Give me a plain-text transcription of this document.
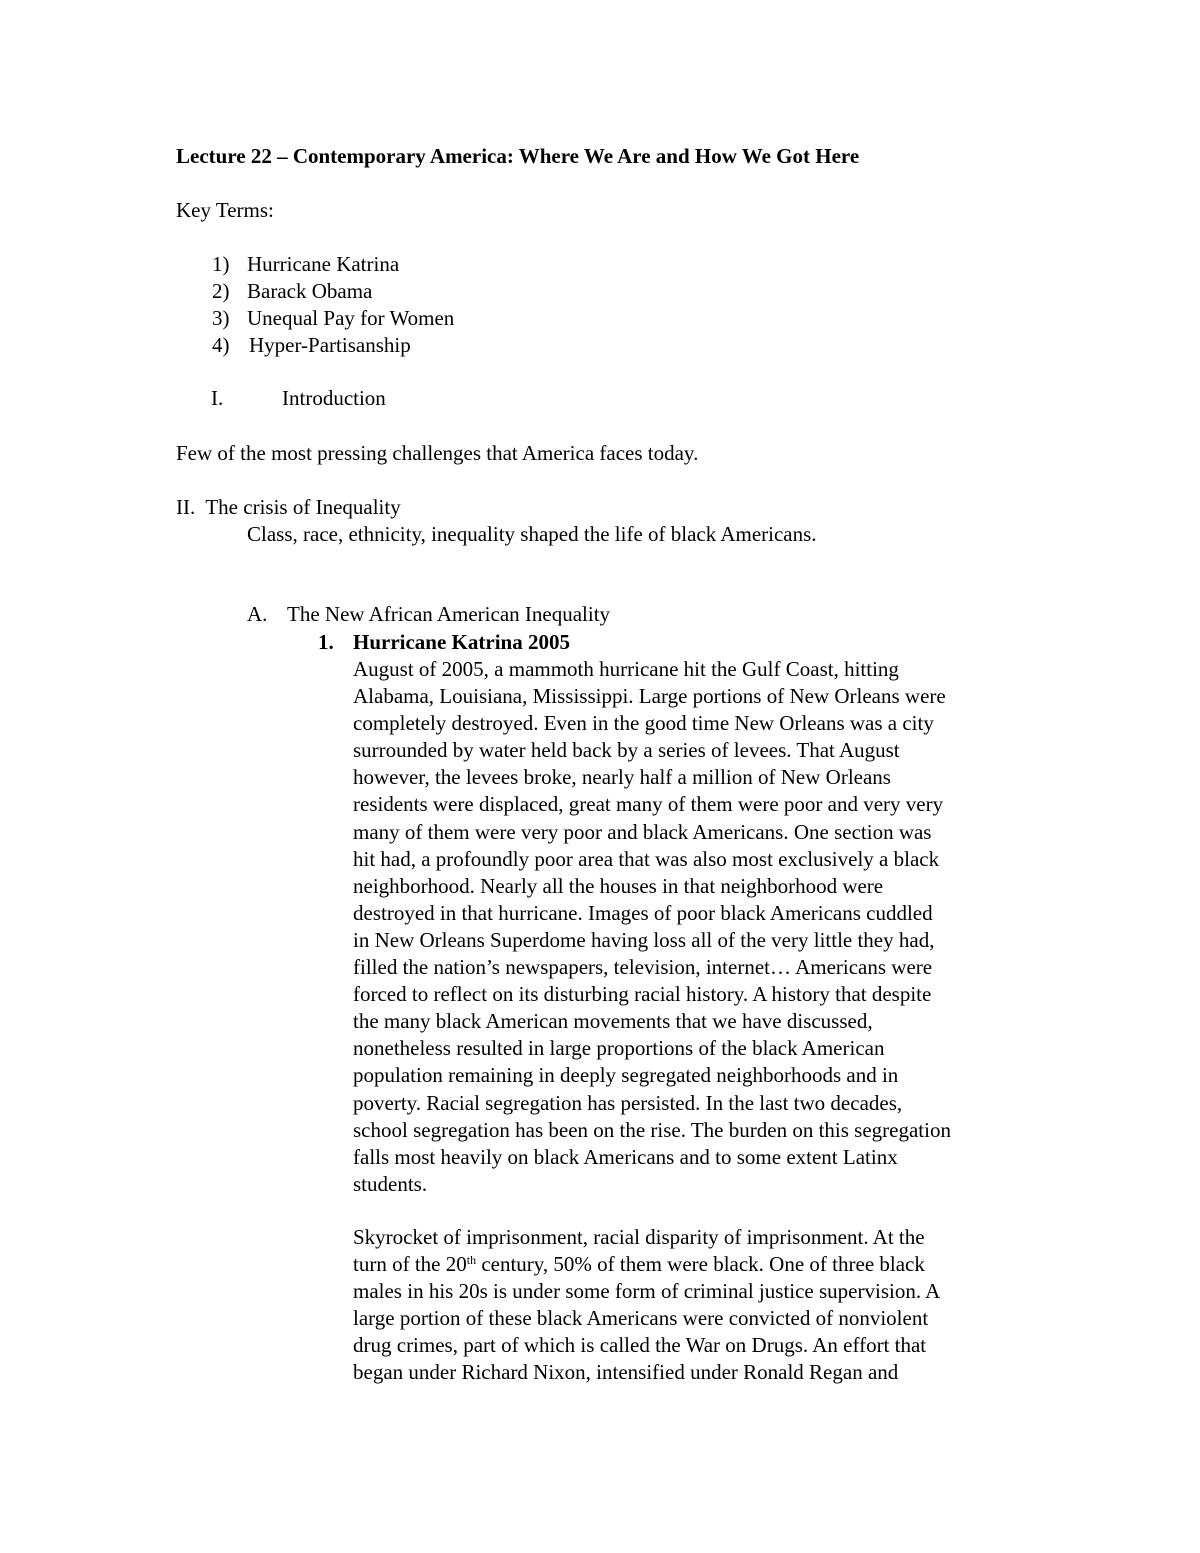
Lecture 22 – Contemporary America: Where We Are and How We Got Here
Key Terms:
1) Hurricane Katrina
2) Barack Obama
3) Unequal Pay for Women
4) Hyper-Partisanship
I.	Introduction
Few of the most pressing challenges that America faces today.
II.  The crisis of Inequality
Class, race, ethnicity, inequality shaped the life of black Americans.
A. The New African American Inequality
1. Hurricane Katrina 2005
August of 2005, a mammoth hurricane hit the Gulf Coast, hitting
Alabama, Louisiana, Mississippi. Large portions of New Orleans were
completely destroyed. Even in the good time New Orleans was a city
surrounded by water held back by a series of levees. That August
however, the levees broke, nearly half a million of New Orleans
residents were displaced, great many of them were poor and very very
many of them were very poor and black Americans. One section was
hit had, a profoundly poor area that was also most exclusively a black
neighborhood. Nearly all the houses in that neighborhood were
destroyed in that hurricane. Images of poor black Americans cuddled
in New Orleans Superdome having loss all of the very little they had,
filled the nation’s newspapers, television, internet… Americans were
forced to reflect on its disturbing racial history. A history that despite
the many black American movements that we have discussed,
nonetheless resulted in large proportions of the black American
population remaining in deeply segregated neighborhoods and in
poverty. Racial segregation has persisted. In the last two decades,
school segregation has been on the rise. The burden on this segregation
falls most heavily on black Americans and to some extent Latinx
students.
Skyrocket of imprisonment, racial disparity of imprisonment. At the
turn of the 20th century, 50% of them were black. One of three black
males in his 20s is under some form of criminal justice supervision. A
large portion of these black Americans were convicted of nonviolent
drug crimes, part of which is called the War on Drugs. An effort that
began under Richard Nixon, intensified under Ronald Regan and
